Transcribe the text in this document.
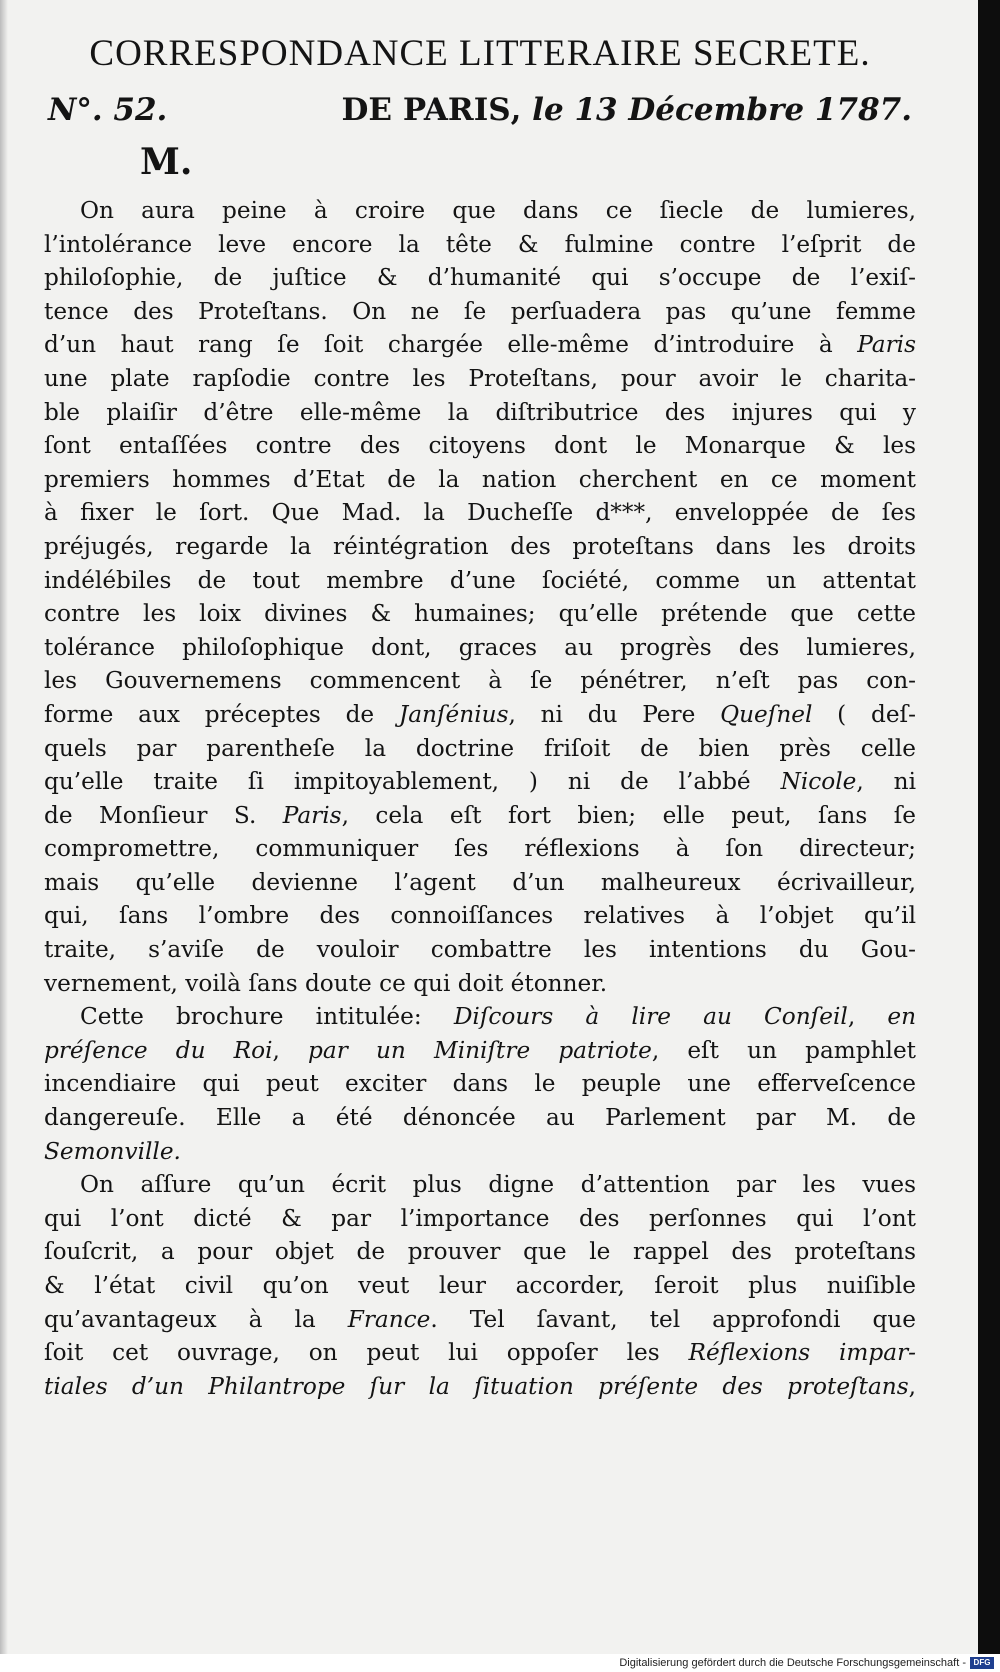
CORRESPONDANCE LITTERAIRE SECRETE.
N°. 52.	DE PARIS, le 13 Décembre 1787.
M.
On aura peine à croire que dans ce ſiecle de lumieres,
l’intolérance leve encore la tête & fulmine contre l’eſprit de
philoſophie, de juſtice & d’humanité qui s’occupe de l’exiſ-
tence des Proteſtans. On ne ſe perſuadera pas qu’une femme
d’un haut rang ſe ſoit chargée elle-même d’introduire à Paris
une plate rapſodie contre les Proteſtans, pour avoir le charita-
ble plaiſir d’être elle-même la diſtributrice des injures qui y
ſont entaſſées contre des citoyens dont le Monarque & les
premiers hommes d’Etat de la nation cherchent en ce moment
à fixer le ſort. Que Mad. la Ducheſſe d***, enveloppée de ſes
préjugés, regarde la réintégration des proteſtans dans les droits
indélébiles de tout membre d’une ſociété, comme un attentat
contre les loix divines & humaines; qu’elle prétende que cette
tolérance philoſophique dont, graces au progrès des lumieres,
les Gouvernemens commencent à ſe pénétrer, n’eſt pas con-
forme aux préceptes de Janſénius, ni du Pere Queſnel ( deſ-
quels par parentheſe la doctrine friſoit de bien près celle
qu’elle traite ſi impitoyablement, ) ni de l’abbé Nicole, ni
de Monſieur S. Paris, cela eſt fort bien; elle peut, ſans ſe
compromettre, communiquer ſes réflexions à ſon directeur;
mais qu’elle devienne l’agent d’un malheureux écrivailleur,
qui, ſans l’ombre des connoiſſances relatives à l’objet qu’il
traite, s’aviſe de vouloir combattre les intentions du Gou-
vernement, voilà ſans doute ce qui doit étonner.
Cette brochure intitulée: Diſcours à lire au Conſeil, en
préſence du Roi, par un Miniſtre patriote, eſt un pamphlet
incendiaire qui peut exciter dans le peuple une efferveſcence
dangereuſe. Elle a été dénoncée au Parlement par M. de
Semonville.
On aſſure qu’un écrit plus digne d’attention par les vues
qui l’ont dicté & par l’importance des perſonnes qui l’ont
ſouſcrit, a pour objet de prouver que le rappel des proteſtans
& l’état civil qu’on veut leur accorder, ſeroit plus nuiſible
qu’avantageux à la France. Tel ſavant, tel approfondi que
ſoit cet ouvrage, on peut lui oppoſer les Réflexions impar-
tiales d’un Philantrope ſur la ſituation préſente des proteſtans,
Digitalisierung gefördert durch die Deutsche Forschungsgemeinschaft - DFG
